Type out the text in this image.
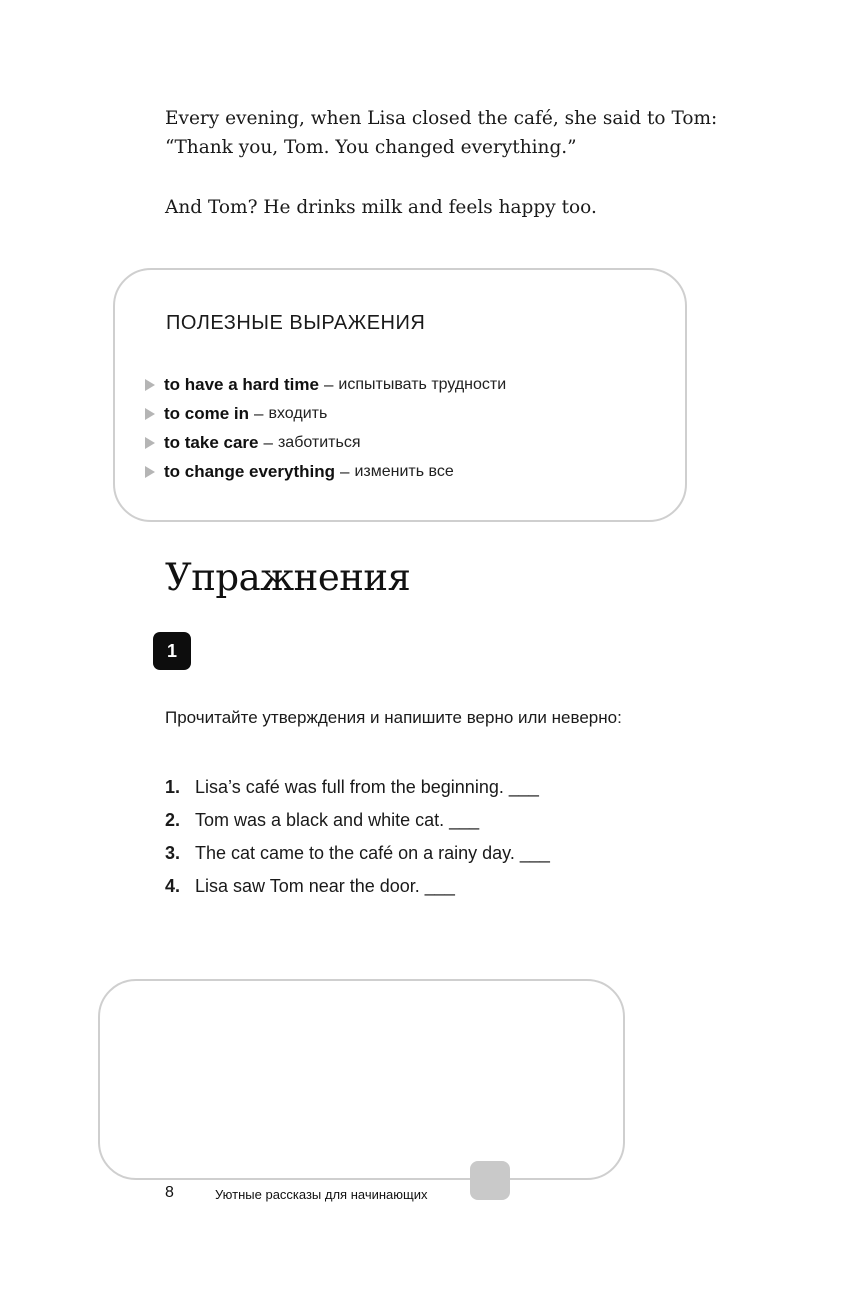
Every evening, when Lisa closed the café, she said to Tom: “Thank you, Tom. You changed everything.”

And Tom? He drinks milk and feels happy too.

ПОЛЕЗНЫЕ ВЫРАЖЕНИЯ
to have a hard time – испытывать трудности
to come in – входить
to take care – заботиться
to change everything – изменить все
Упражнения
1
Прочитайте утверждения и напишите верно или неверно:
1. Lisa’s café was full from the beginning. ___
2. Tom was a black and white cat. ___
3. The cat came to the café on a rainy day. ___
4. Lisa saw Tom near the door. ___
8	Уютные рассказы для начинающих
